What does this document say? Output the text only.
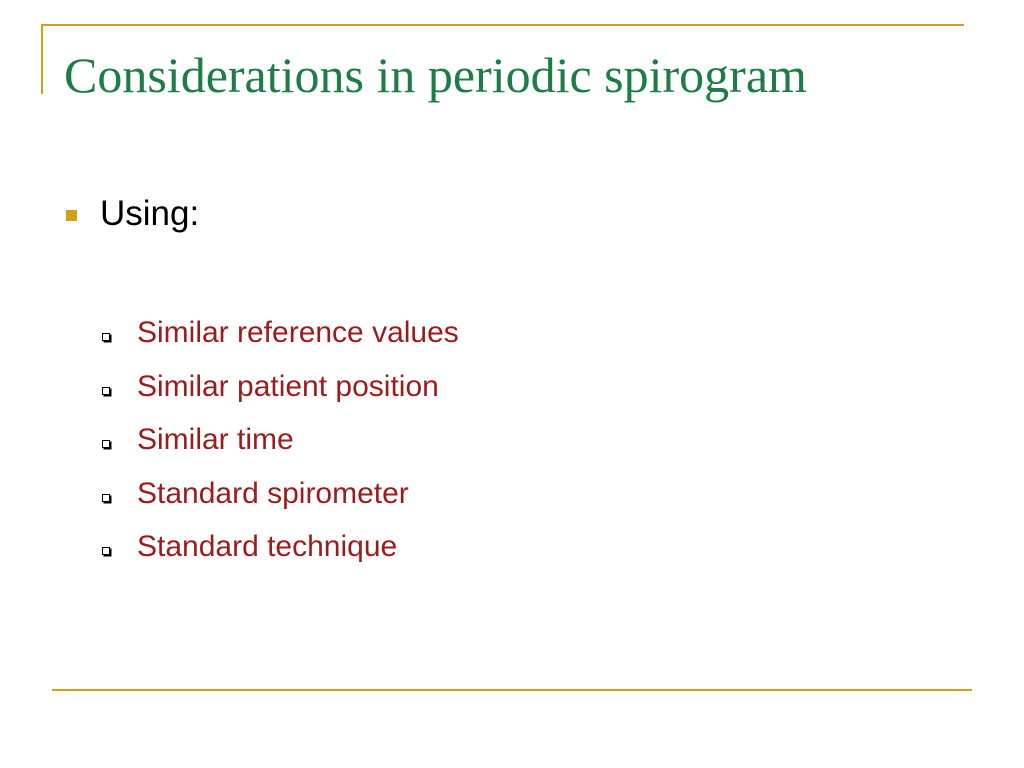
Considerations in periodic spirogram
Using:
Similar reference values
Similar patient position
Similar time
Standard spirometer
Standard technique
